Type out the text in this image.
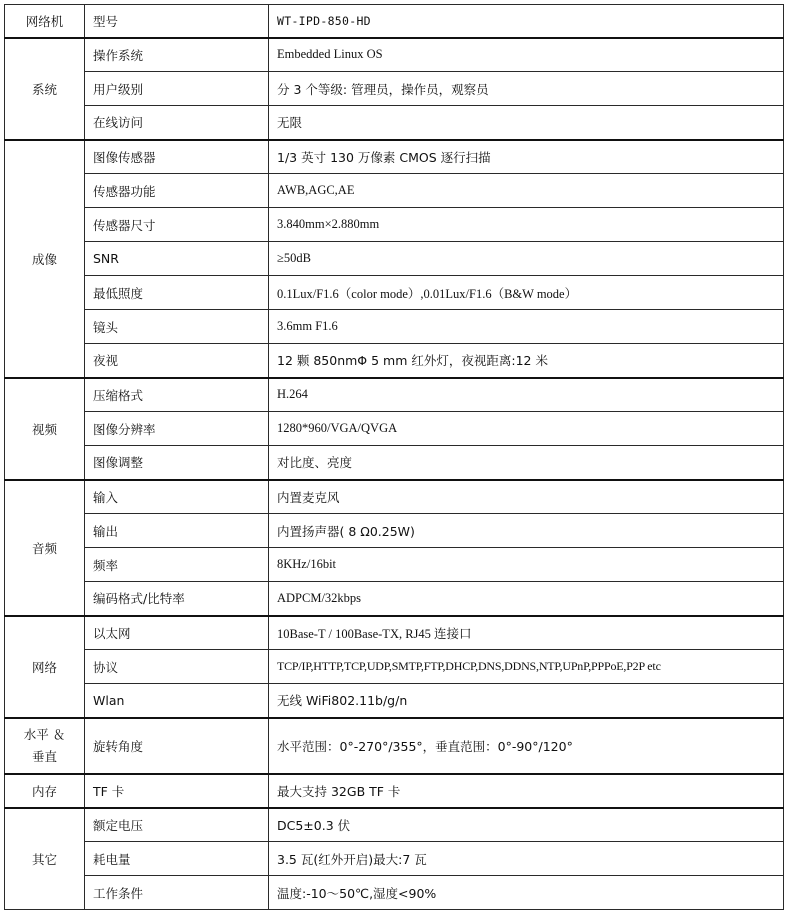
网络机	型号	WT-IPD-850-HD
系统	操作系统	Embedded Linux OS
	用户级别	分 3 个等级: 管理员，操作员，观察员
	在线访问	无限
成像	图像传感器	1/3 英寸 130 万像素 CMOS 逐行扫描
	传感器功能	AWB,AGC,AE
	传感器尺寸	3.840mm×2.880mm
	SNR	≥50dB
	最低照度	0.1Lux/F1.6（color mode）,0.01Lux/F1.6（B&W mode）
	镜头	3.6mm F1.6
	夜视	12 颗 850nmΦ 5 mm 红外灯，夜视距离:12 米
视频	压缩格式	H.264
	图像分辨率	1280*960/VGA/QVGA
	图像调整	对比度、亮度
音频	输入	内置麦克风
	输出	内置扬声器( 8 Ω0.25W)
	频率	8KHz/16bit
	编码格式/比特率	ADPCM/32kbps
网络	以太网	10Base-T / 100Base-TX, RJ45 连接口
	协议	TCP/IP,HTTP,TCP,UDP,SMTP,FTP,DHCP,DNS,DDNS,NTP,UPnP,PPPoE,P2P etc
	Wlan	无线 WiFi802.11b/g/n

水平 ＆
垂直	旋转角度	水平范围：0°-270°/355°，垂直范围：0°-90°/120°
内存	TF 卡	最大支持 32GB TF 卡
其它	额定电压	DC5±0.3 伏
	耗电量	3.5 瓦(红外开启)最大:7 瓦
	工作条件	温度:-10～50℃,湿度<90%
